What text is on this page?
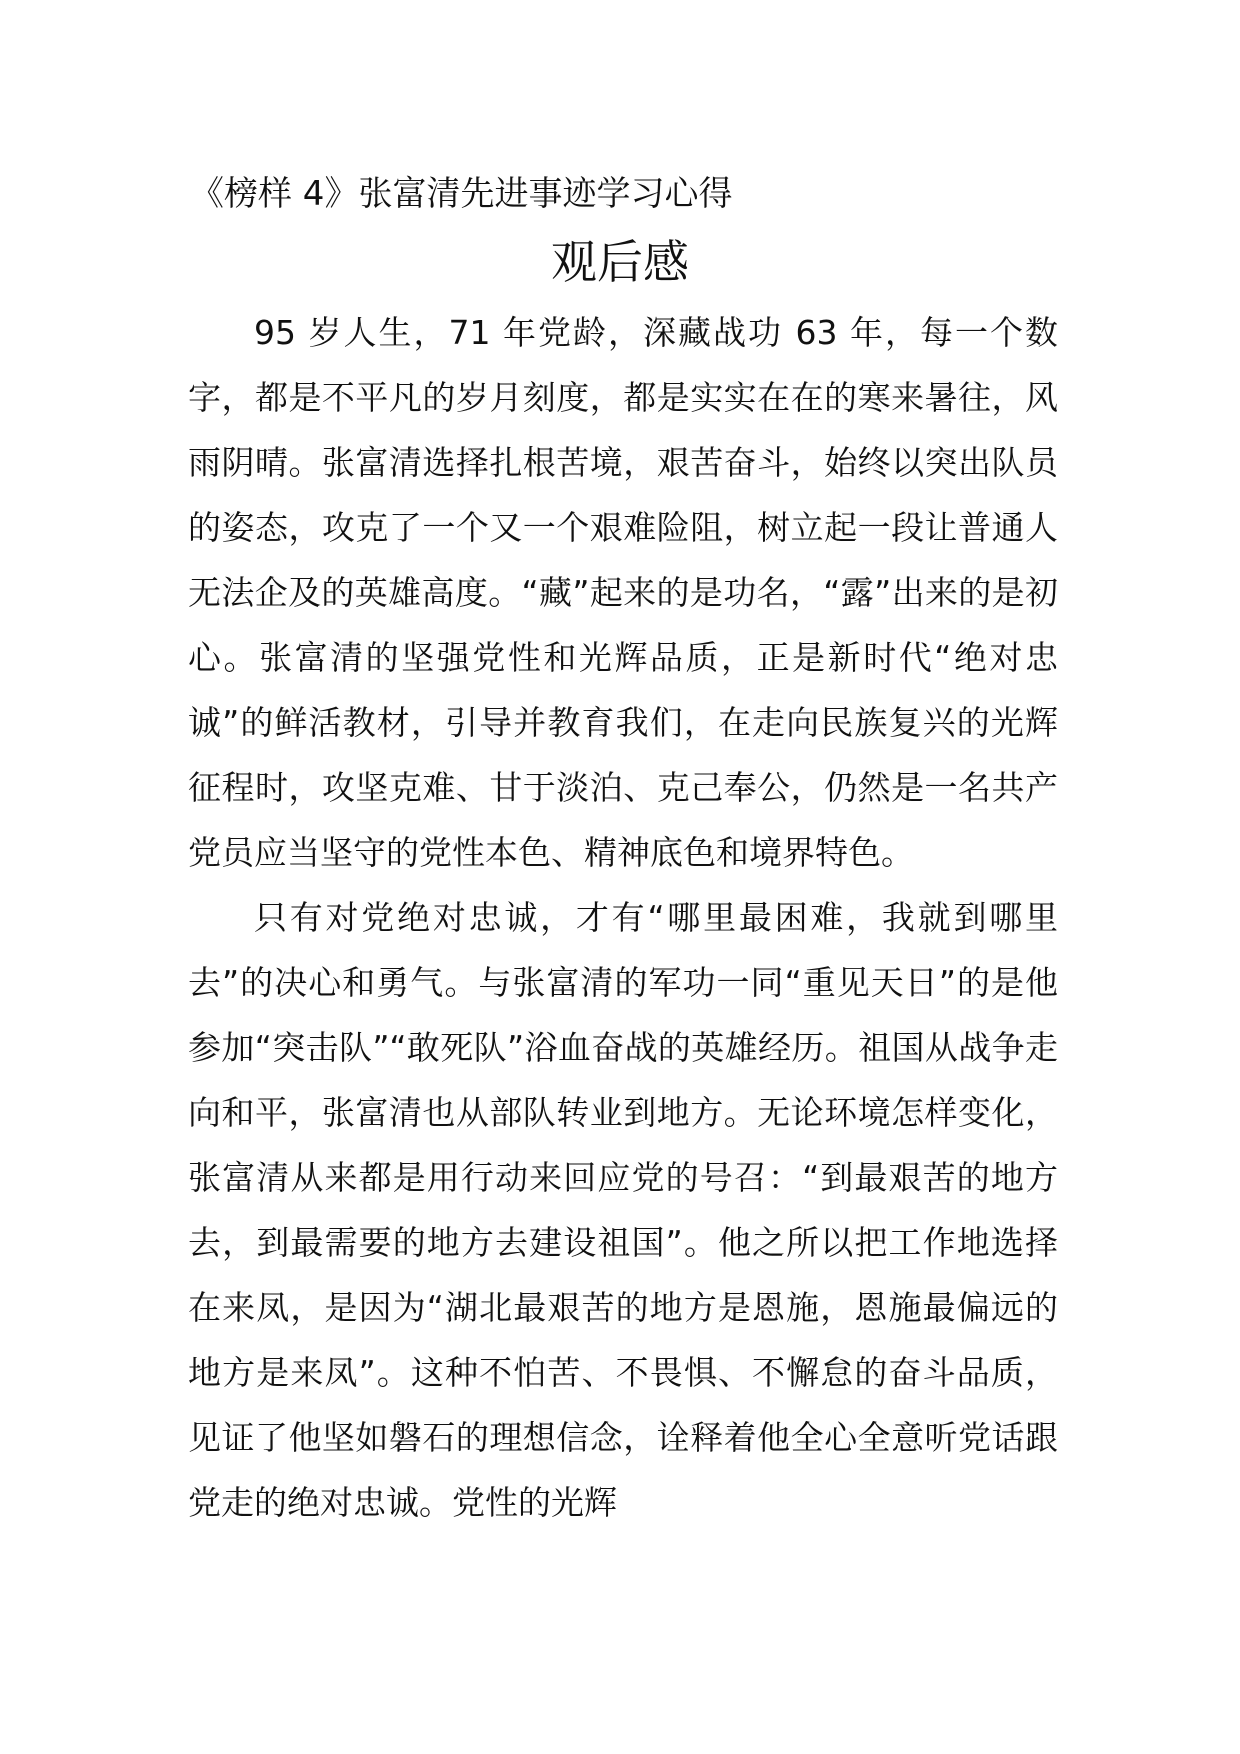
《榜样 4》张富清先进事迹学习心得
观后感

95 岁人生，71 年党龄，深藏战功 63 年，每一个数字，都是不平凡的岁月刻度，都是实实在在的寒来暑往，风雨阴晴。张富清选择扎根苦境，艰苦奋斗，始终以突出队员的姿态，攻克了一个又一个艰难险阻，树立起一段让普通人无法企及的英雄高度。“藏”起来的是功名，“露”出来的是初心。张富清的坚强党性和光辉品质，正是新时代“绝对忠诚”的鲜活教材，引导并教育我们，在走向民族复兴的光辉征程时，攻坚克难、甘于淡泊、克己奉公，仍然是一名共产党员应当坚守的党性本色、精神底色和境界特色。

只有对党绝对忠诚，才有“哪里最困难，我就到哪里去”的决心和勇气。与张富清的军功一同“重见天日”的是他参加“突击队”“敢死队”浴血奋战的英雄经历。祖国从战争走向和平，张富清也从部队转业到地方。无论环境怎样变化，张富清从来都是用行动来回应党的号召：“到最艰苦的地方去，到最需要的地方去建设祖国”。他之所以把工作地选择在来凤，是因为“湖北最艰苦的地方是恩施，恩施最偏远的地方是来凤”。这种不怕苦、不畏惧、不懈怠的奋斗品质，见证了他坚如磐石的理想信念，诠释着他全心全意听党话跟党走的绝对忠诚。党性的光辉
